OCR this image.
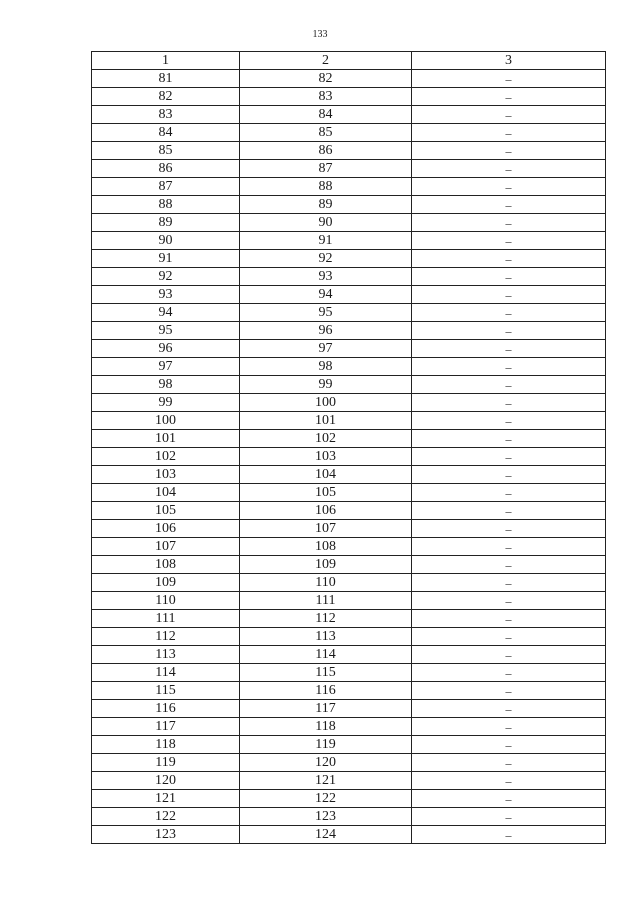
133
1	2	3
81	82	–
82	83	–
83	84	–
84	85	–
85	86	–
86	87	–
87	88	–
88	89	–
89	90	–
90	91	–
91	92	–
92	93	–
93	94	–
94	95	–
95	96	–
96	97	–
97	98	–
98	99	–
99	100	–
100	101	–
101	102	–
102	103	–
103	104	–
104	105	–
105	106	–
106	107	–
107	108	–
108	109	–
109	110	–
110	111	–
111	112	–
112	113	–
113	114	–
114	115	–
115	116	–
116	117	–
117	118	–
118	119	–
119	120	–
120	121	–
121	122	–
122	123	–
123	124	–
